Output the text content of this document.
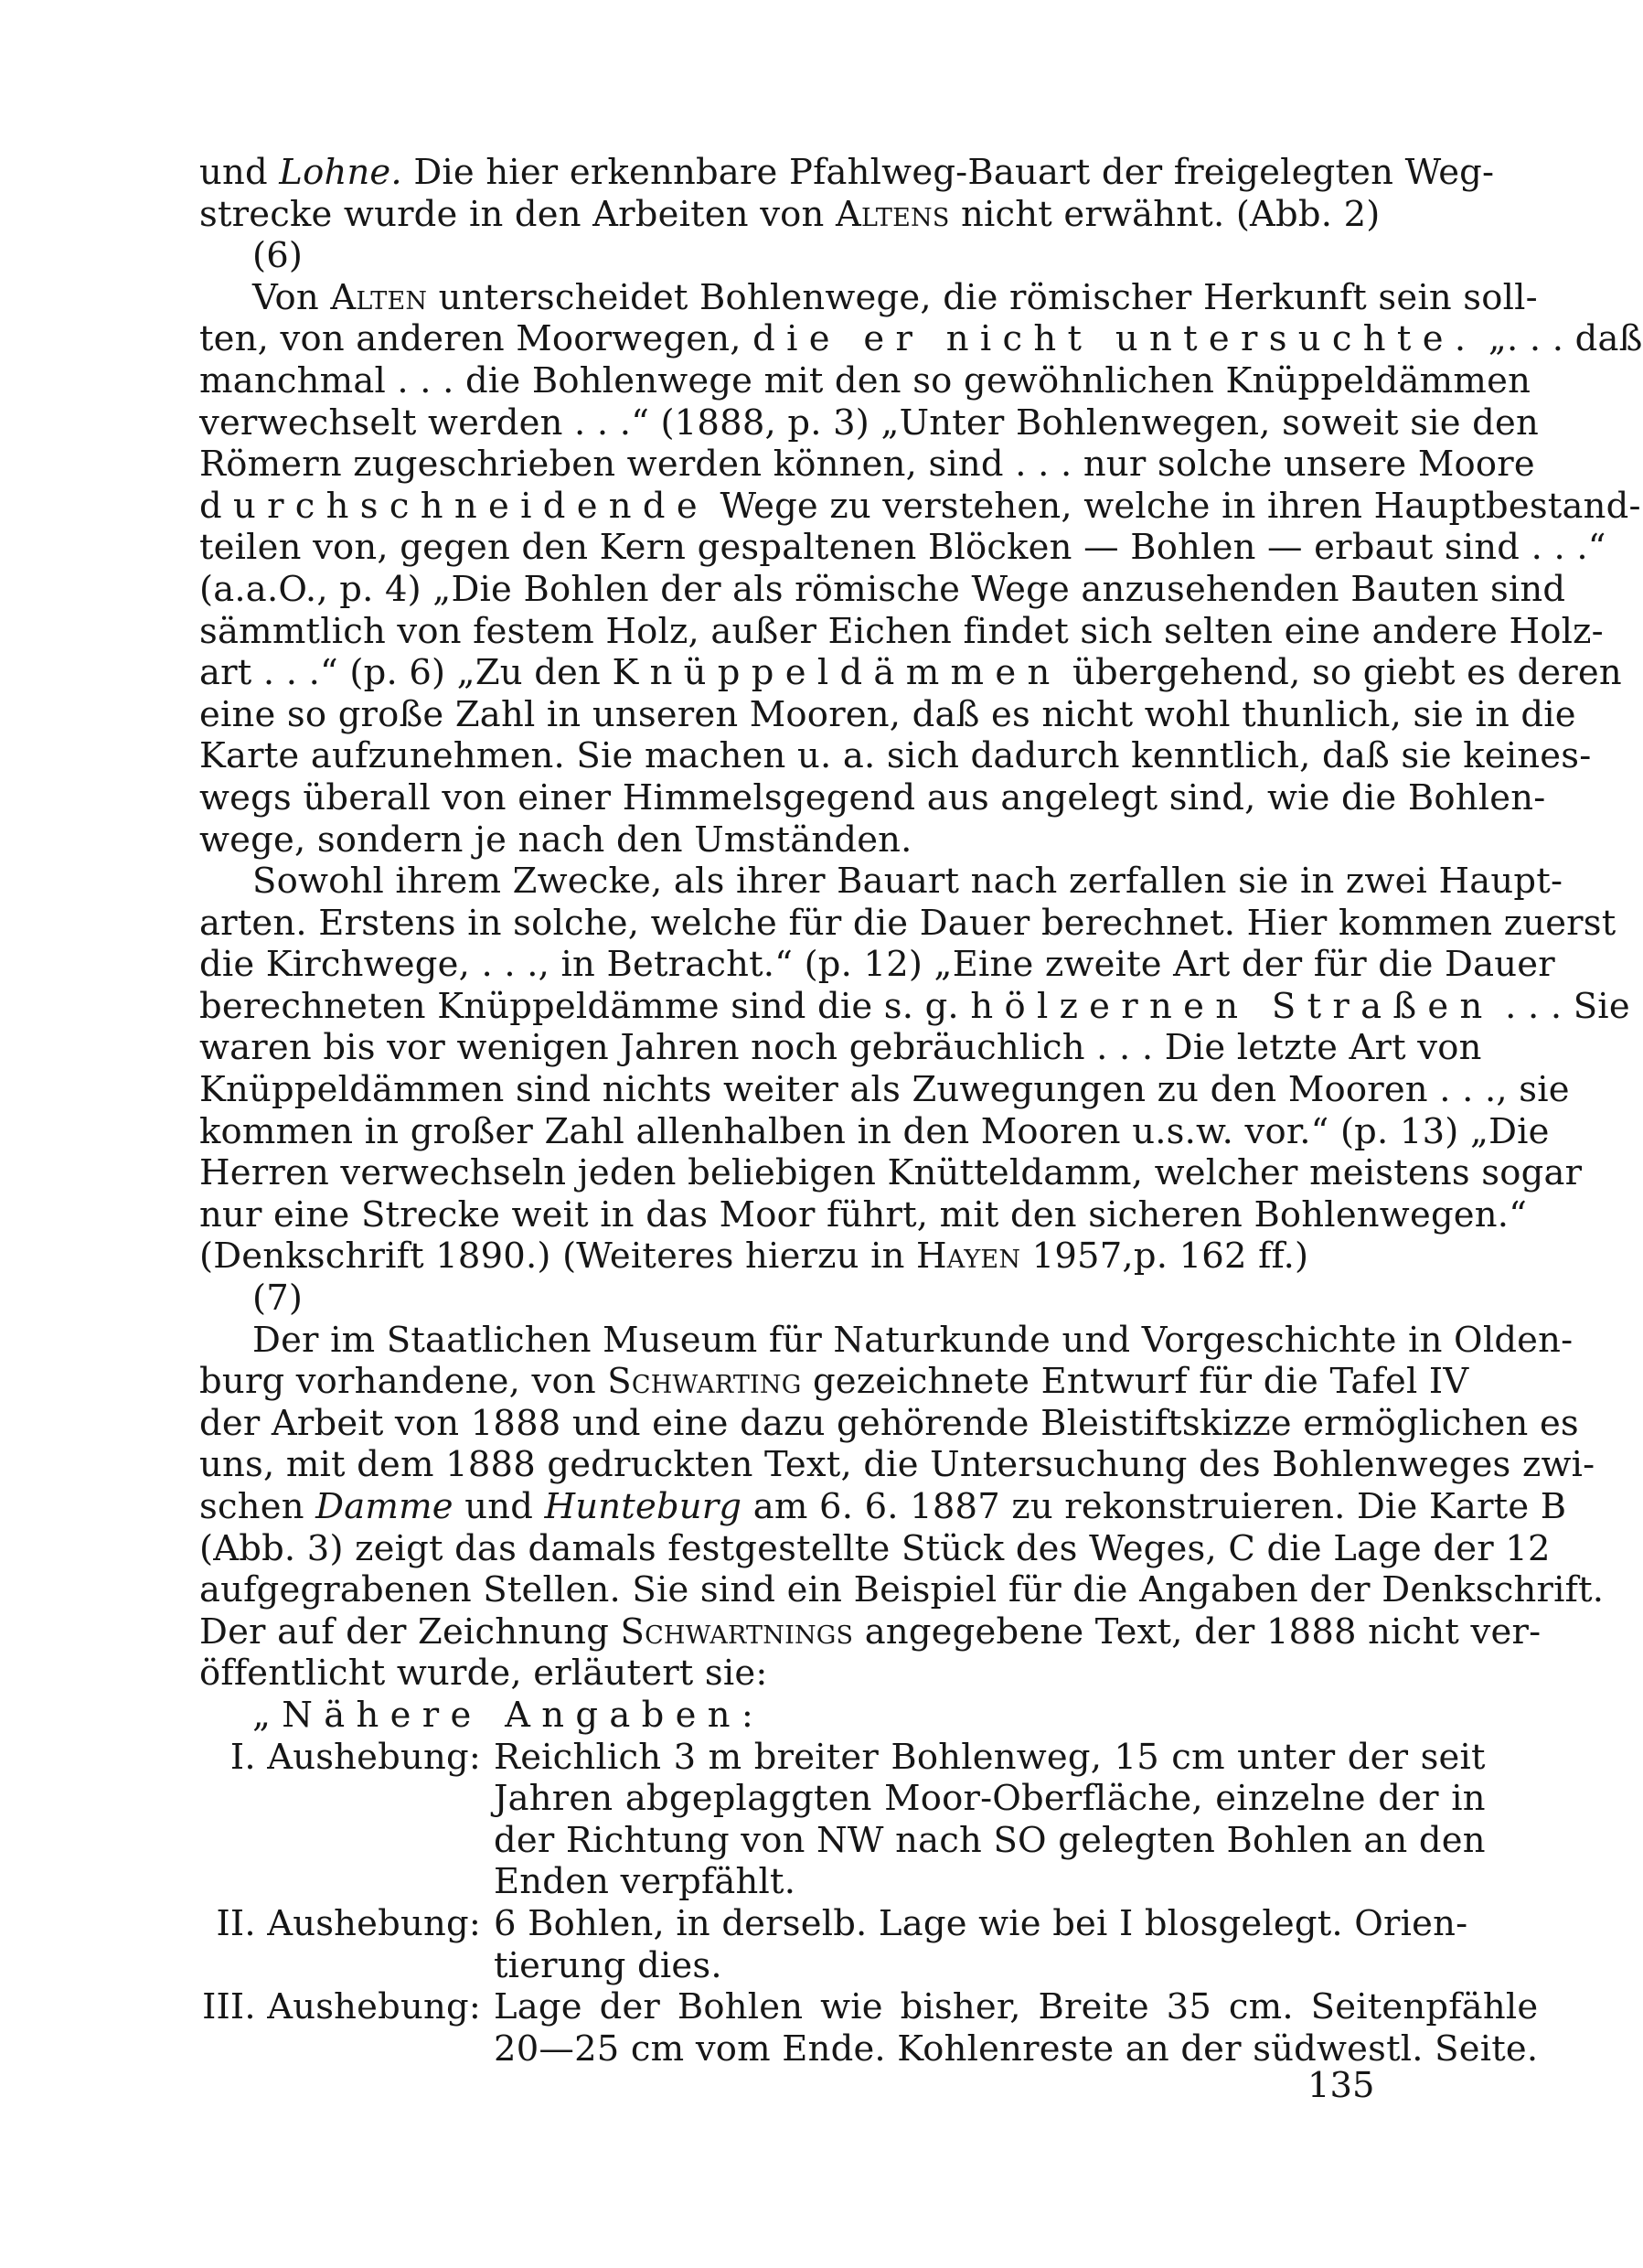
und Lohne. Die hier erkennbare Pfahlweg-Bauart der freigelegten Weg-
strecke wurde in den Arbeiten von Altens nicht erwähnt. (Abb. 2)
(6)
Von Alten unterscheidet Bohlenwege, die römischer Herkunft sein soll-
ten, von anderen Moorwegen, die er nicht untersuchte. „. . . daß
manchmal . . . die Bohlenwege mit den so gewöhnlichen Knüppeldämmen
verwechselt werden . . .“ (1888, p. 3) „Unter Bohlenwegen, soweit sie den
Römern zugeschrieben werden können, sind . . . nur solche unsere Moore
durchschneidende Wege zu verstehen, welche in ihren Hauptbestand-
teilen von, gegen den Kern gespaltenen Blöcken — Bohlen — erbaut sind . . .“
(a.a.O., p. 4) „Die Bohlen der als römische Wege anzusehenden Bauten sind
sämmtlich von festem Holz, außer Eichen findet sich selten eine andere Holz-
art . . .“ (p. 6) „Zu den Knüppeldämmen übergehend, so giebt es deren
eine so große Zahl in unseren Mooren, daß es nicht wohl thunlich, sie in die
Karte aufzunehmen. Sie machen u. a. sich dadurch kenntlich, daß sie keines-
wegs überall von einer Himmelsgegend aus angelegt sind, wie die Bohlen-
wege, sondern je nach den Umständen.
Sowohl ihrem Zwecke, als ihrer Bauart nach zerfallen sie in zwei Haupt-
arten. Erstens in solche, welche für die Dauer berechnet. Hier kommen zuerst
die Kirchwege, . . ., in Betracht.“ (p. 12) „Eine zweite Art der für die Dauer
berechneten Knüppeldämme sind die s. g. hölzernen Straßen . . . Sie
waren bis vor wenigen Jahren noch gebräuchlich . . . Die letzte Art von
Knüppeldämmen sind nichts weiter als Zuwegungen zu den Mooren . . ., sie
kommen in großer Zahl allenhalben in den Mooren u.s.w. vor.“ (p. 13) „Die
Herren verwechseln jeden beliebigen Knütteldamm, welcher meistens sogar
nur eine Strecke weit in das Moor führt, mit den sicheren Bohlenwegen.“
(Denkschrift 1890.) (Weiteres hierzu in Hayen 1957,p. 162 ff.)
(7)
Der im Staatlichen Museum für Naturkunde und Vorgeschichte in Olden-
burg vorhandene, von Schwarting gezeichnete Entwurf für die Tafel IV
der Arbeit von 1888 und eine dazu gehörende Bleistiftskizze ermöglichen es
uns, mit dem 1888 gedruckten Text, die Untersuchung des Bohlenweges zwi-
schen Damme und Hunteburg am 6. 6. 1887 zu rekonstruieren. Die Karte B
(Abb. 3) zeigt das damals festgestellte Stück des Weges, C die Lage der 12
aufgegrabenen Stellen. Sie sind ein Beispiel für die Angaben der Denkschrift.
Der auf der Zeichnung Schwartnings angegebene Text, der 1888 nicht ver-
öffentlicht wurde, erläutert sie:
„Nähere Angaben:
I. Aushebung: Reichlich 3 m breiter Bohlenweg, 15 cm unter der seit
Jahren abgeplaggten Moor-Oberfläche, einzelne der in
der Richtung von NW nach SO gelegten Bohlen an den
Enden verpfählt.
II. Aushebung: 6 Bohlen, in derselb. Lage wie bei I blosgelegt. Orien-
tierung dies.
III. Aushebung: Lage der Bohlen wie bisher, Breite 35 cm. Seitenpfähle
20—25 cm vom Ende. Kohlenreste an der südwestl. Seite.
135
